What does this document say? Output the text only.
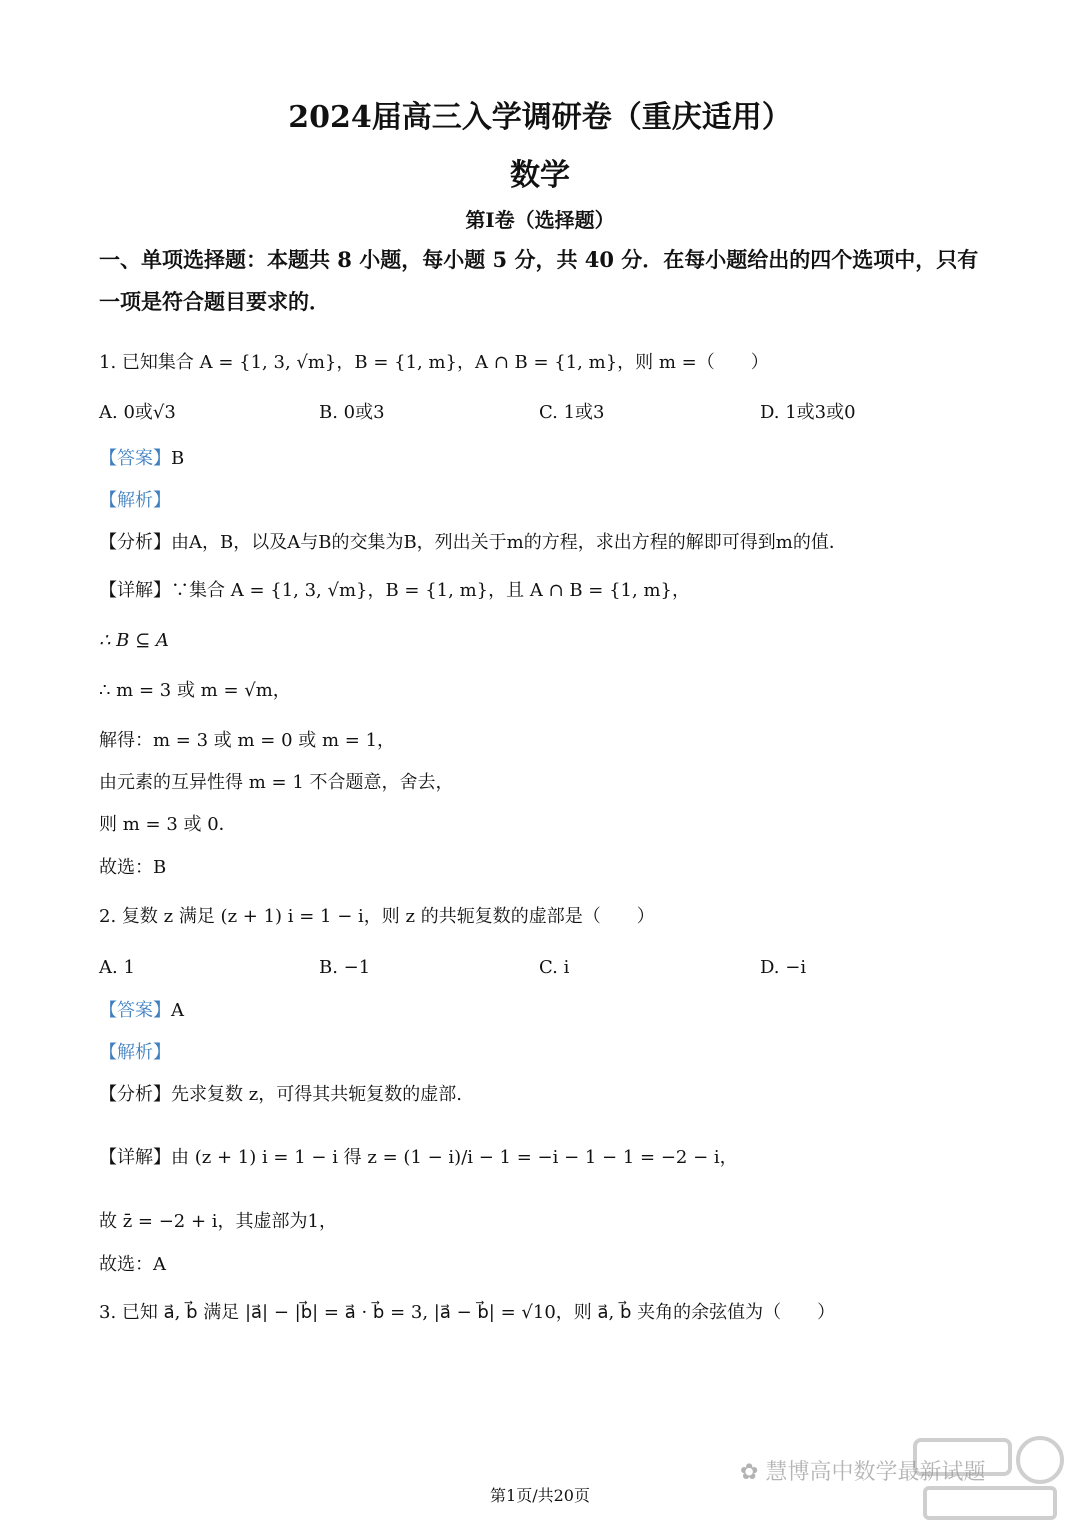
2024届高三入学调研卷（重庆适用）
数学
第I卷（选择题）
一、单项选择题：本题共 8 小题，每小题 5 分，共 40 分．在每小题给出的四个选项中，只有
一项是符合题目要求的．
1. 已知集合 A = {1, 3, √m}，B = {1, m}，A ∩ B = {1, m}，则 m =（　　）
A. 0或√3	B. 0或3	C. 1或3	D. 1或3或0
【答案】B
【解析】
【分析】由A，B，以及A与B的交集为B，列出关于m的方程，求出方程的解即可得到m的值．
【详解】∵集合 A = {1, 3, √m}，B = {1, m}，且 A ∩ B = {1, m}，
∴ B ⊆ A
∴ m = 3 或 m = √m，
解得：m = 3 或 m = 0 或 m = 1，
由元素的互异性得 m = 1 不合题意，舍去，
则 m = 3 或 0．
故选：B
2. 复数 z 满足 (z + 1) i = 1 − i，则 z 的共轭复数的虚部是（　　）
A. 1	B. −1	C. i	D. −i
【答案】A
【解析】
【分析】先求复数 z，可得其共轭复数的虚部.
【详解】由 (z + 1) i = 1 − i 得 z = (1 − i)/i − 1 = −i − 1 − 1 = −2 − i，
故 z̄ = −2 + i，其虚部为1，
故选：A
3. 已知 a⃗, b⃗ 满足 |a⃗| − |b⃗| = a⃗ · b⃗ = 3, |a⃗ − b⃗| = √10，则 a⃗, b⃗ 夹角的余弦值为（　　）
✿ 慧博高中数学最新试题
第1页/共20页
